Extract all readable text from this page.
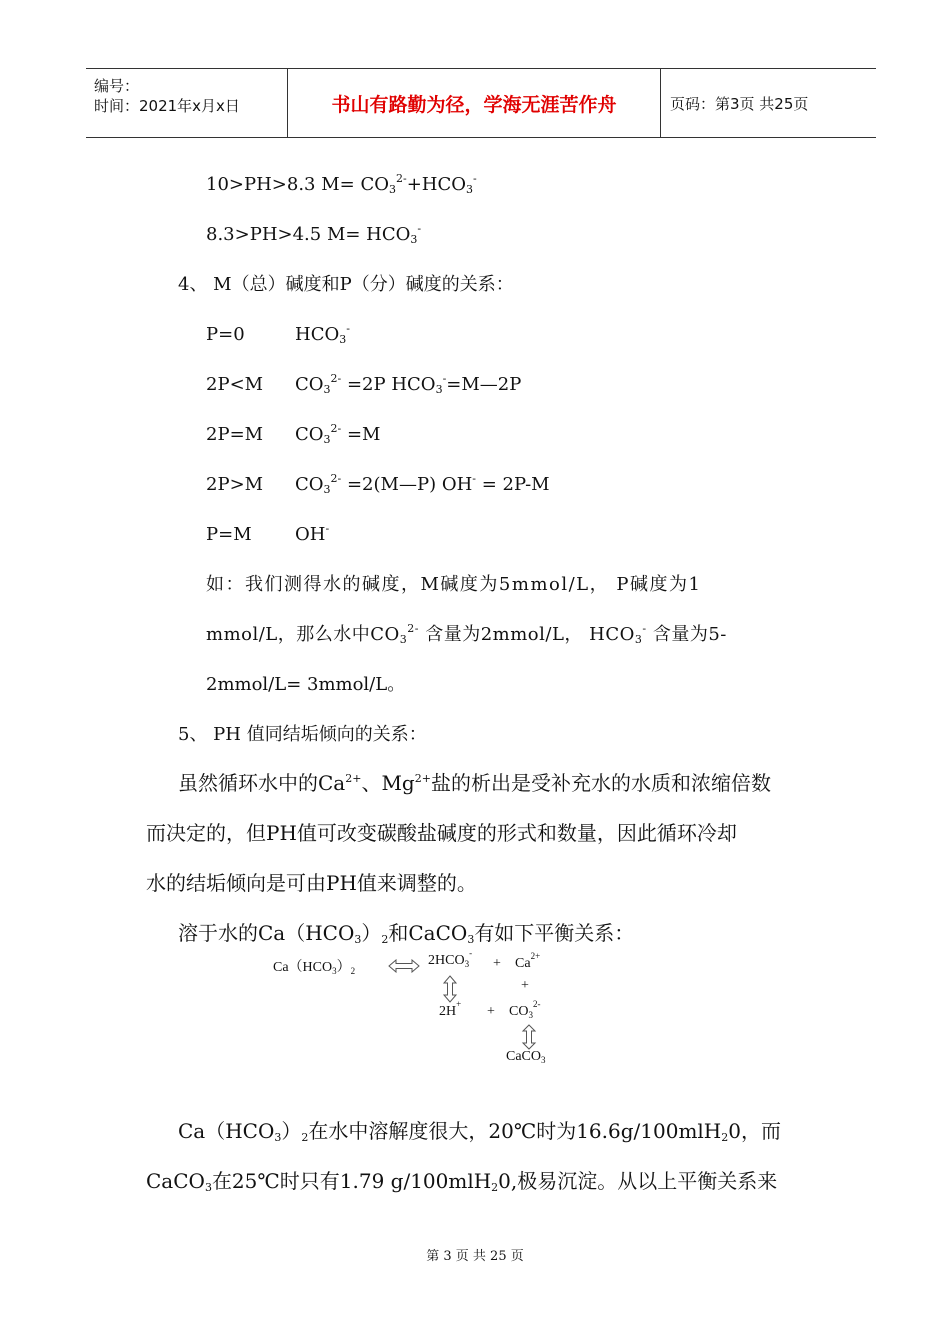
编号：
时间：2021年x月x日	书山有路勤为径，学海无涯苦作舟	页码：第3页 共25页
10>PH>8.3 $M= CO_3^{2-}+HCO_3^-$
8.3>PH>4.5 $M= HCO_3^-$
4、 M（总）碱度和P（分）碱度的关系：
P=0	$HCO_3^-$
2P<M $CO_3^{2-} =2P$ $HCO_3^-=M—2P$
2P=M $CO_3^{2-} =M$
2P>M $CO_3^{2-}$ =2(M—P) OH- = 2P-M
P=M OH-
如：我们测得水的碱度，M碱度为5mmol/L， P碱度为1
mmol/L，那么水中$CO_3^{2-}$ 含量为2mmol/L， $HCO_3^-$ 含量为5-
2mmol/L= 3mmol/L。
5、 PH 值同结垢倾向的关系：
虽然循环水中的$Ca^{2+}$、$Mg^{2+}$盐的析出是受补充水的水质和浓缩倍数
而决定的，但PH值可改变碳酸盐碱度的形式和数量，因此循环冷却
水的结垢倾向是可由PH值来调整的。
溶于水的$Ca(HCO_3)_2$和CaCO$_3$有如下平衡关系：
$Ca(HCO_3)_2$
$2HCO_3^-$
+ $Ca^{2+}$
+
$2H^+ + CO_3^{2-}$
CaCO$_3$
$Ca(HCO_3)_2$在水中溶解度很大，20℃时为16.6g/100mlH$_2$0，而
CaCO$_3$在25℃时只有1.79 g/100mlH$_2$0,极易沉淀。从以上平衡关系来
第 3 页 共 25 页
